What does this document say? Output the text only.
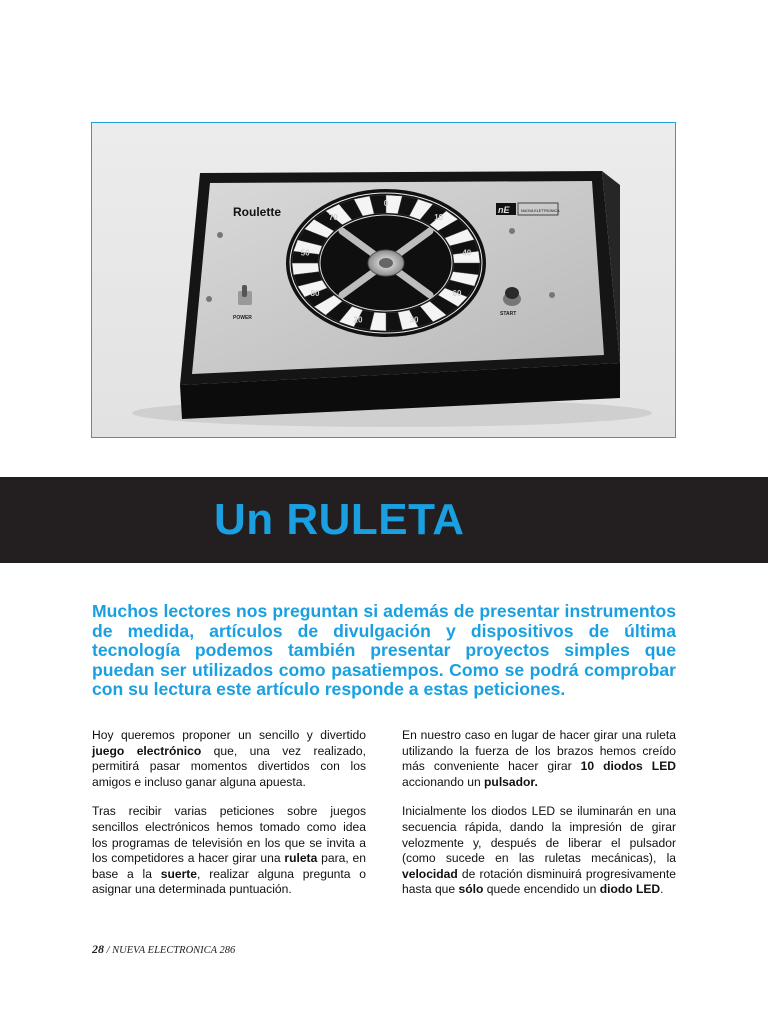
Roulette	nE	NUOVA ELETTRONICA
0
10
40
60
30
20
80
50
70
POWER
START
Un RULETA

Muchos lectores nos preguntan si además de presentar instrumentos de medida, artículos de divulgación y dispositivos de última tecnología podemos también presentar proyectos simples que puedan ser utilizados como pasatiempos. Como se podrá comprobar con su lectura este artículo responde a estas peticiones.

Hoy queremos proponer un sencillo y divertido juego electrónico que, una vez realizado, permitirá pasar momentos divertidos con los amigos e incluso ganar alguna apuesta.

Tras recibir varias peticiones sobre juegos sencillos electrónicos hemos tomado como idea los programas de televisión en los que se invita a los competidores a hacer girar una ruleta para, en base a la suerte, realizar alguna pregunta o asignar una determinada puntuación.

En nuestro caso en lugar de hacer girar una ruleta utilizando la fuerza de los brazos hemos creído más conveniente hacer girar 10 diodos LED accionando un pulsador.

Inicialmente los diodos LED se iluminarán en una secuencia rápida, dando la impresión de girar velozmente y, después de liberar el pulsador (como sucede en las ruletas mecánicas), la velocidad de rotación disminuirá progresivamente hasta que sólo quede encendido un diodo LED.

28 / NUEVA ELECTRONICA 286
